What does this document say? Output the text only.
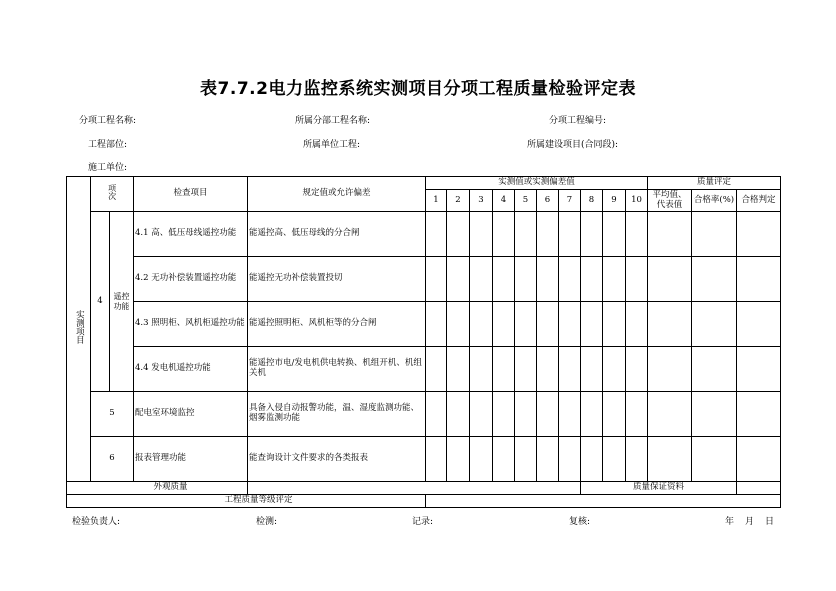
表7.7.2电力监控系统实测项目分项工程质量检验评定表
分项工程名称:	所属分部工程名称:	分项工程编号:
工程部位:	所属单位工程:	所属建设项目(合同段):
施工单位:
实测项目	项次		检查项目	规定值或允许偏差	实测值或实测偏差值										质量评定		
					1	2	3	4	5	6	7	8	9	10	平均值、代表值	合格率(%)	合格判定
	4	遥控功能	4.1 高、低压母线遥控功能	能遥控高、低压母线的分合闸													
			4.2 无功补偿装置遥控功能	能遥控无功补偿装置投切													
			4.3 照明柜、风机柜遥控功能	能遥控照明柜、风机柜等的分合闸													
			4.4 发电机遥控功能	能遥控市电/发电机供电转换、机组开机、机组关机													
	5		配电室环境监控	具备入侵自动报警功能，温、湿度监测功能、烟雾监测功能													
	6		报表管理功能	能查询设计文件要求的各类报表													
外观质量												质量保证资料					
工程质量等级评定																	
检验负责人:	检测:	记录:	复核:	年 月 日
